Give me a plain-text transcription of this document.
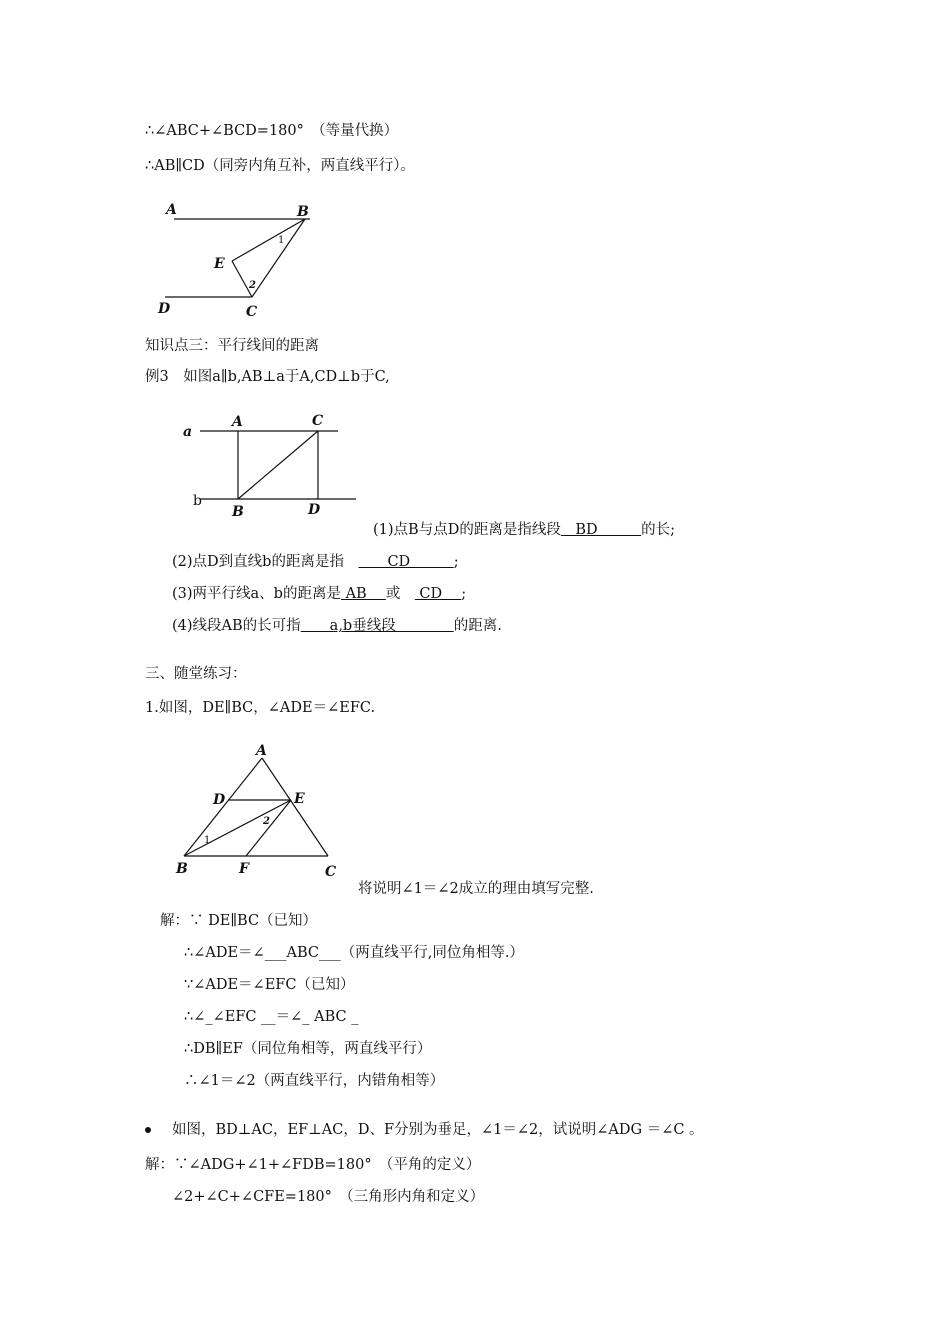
∴∠ABC+∠BCD=180°　（等量代换）
∴AB∥CD（同旁内角互补，两直线平行）。
A	B
E
D	C
1
2
知识点三：平行线间的距离
例3　如图a∥b,AB⊥a于A,CD⊥b于C,
a
b
A	C
B	D
(1)点B与点D的距离是指线段　BD　　　的长;
(2)点D到直线b的距离是指　　　CD　　　;
(3)两平行线a、b的距离是 AB　 或　 CD　 ;
(4)线段AB的长可指　　a,b垂线段　　　　的距离.
三、随堂练习：
1.如图，DE∥BC，∠ADE＝∠EFC.
A
D	E
B	F	C
1
2
将说明∠1＝∠2成立的理由填写完整.
解：∵ DE∥BC（已知）
∴∠ADE＝∠___ABC___（两直线平行,同位角相等.）
∵∠ADE＝∠EFC（已知）
∴∠_∠EFC __＝∠_ ABC _
∴DB∥EF（同位角相等，两直线平行）
∴∠1＝∠2（两直线平行，内错角相等）
如图，BD⊥AC，EF⊥AC，D、F分别为垂足，∠1＝∠2，试说明∠ADG ＝∠C 。
解：∵∠ADG+∠1+∠FDB=180°　（平角的定义）
∠2+∠C+∠CFE=180°　（三角形内角和定义）
